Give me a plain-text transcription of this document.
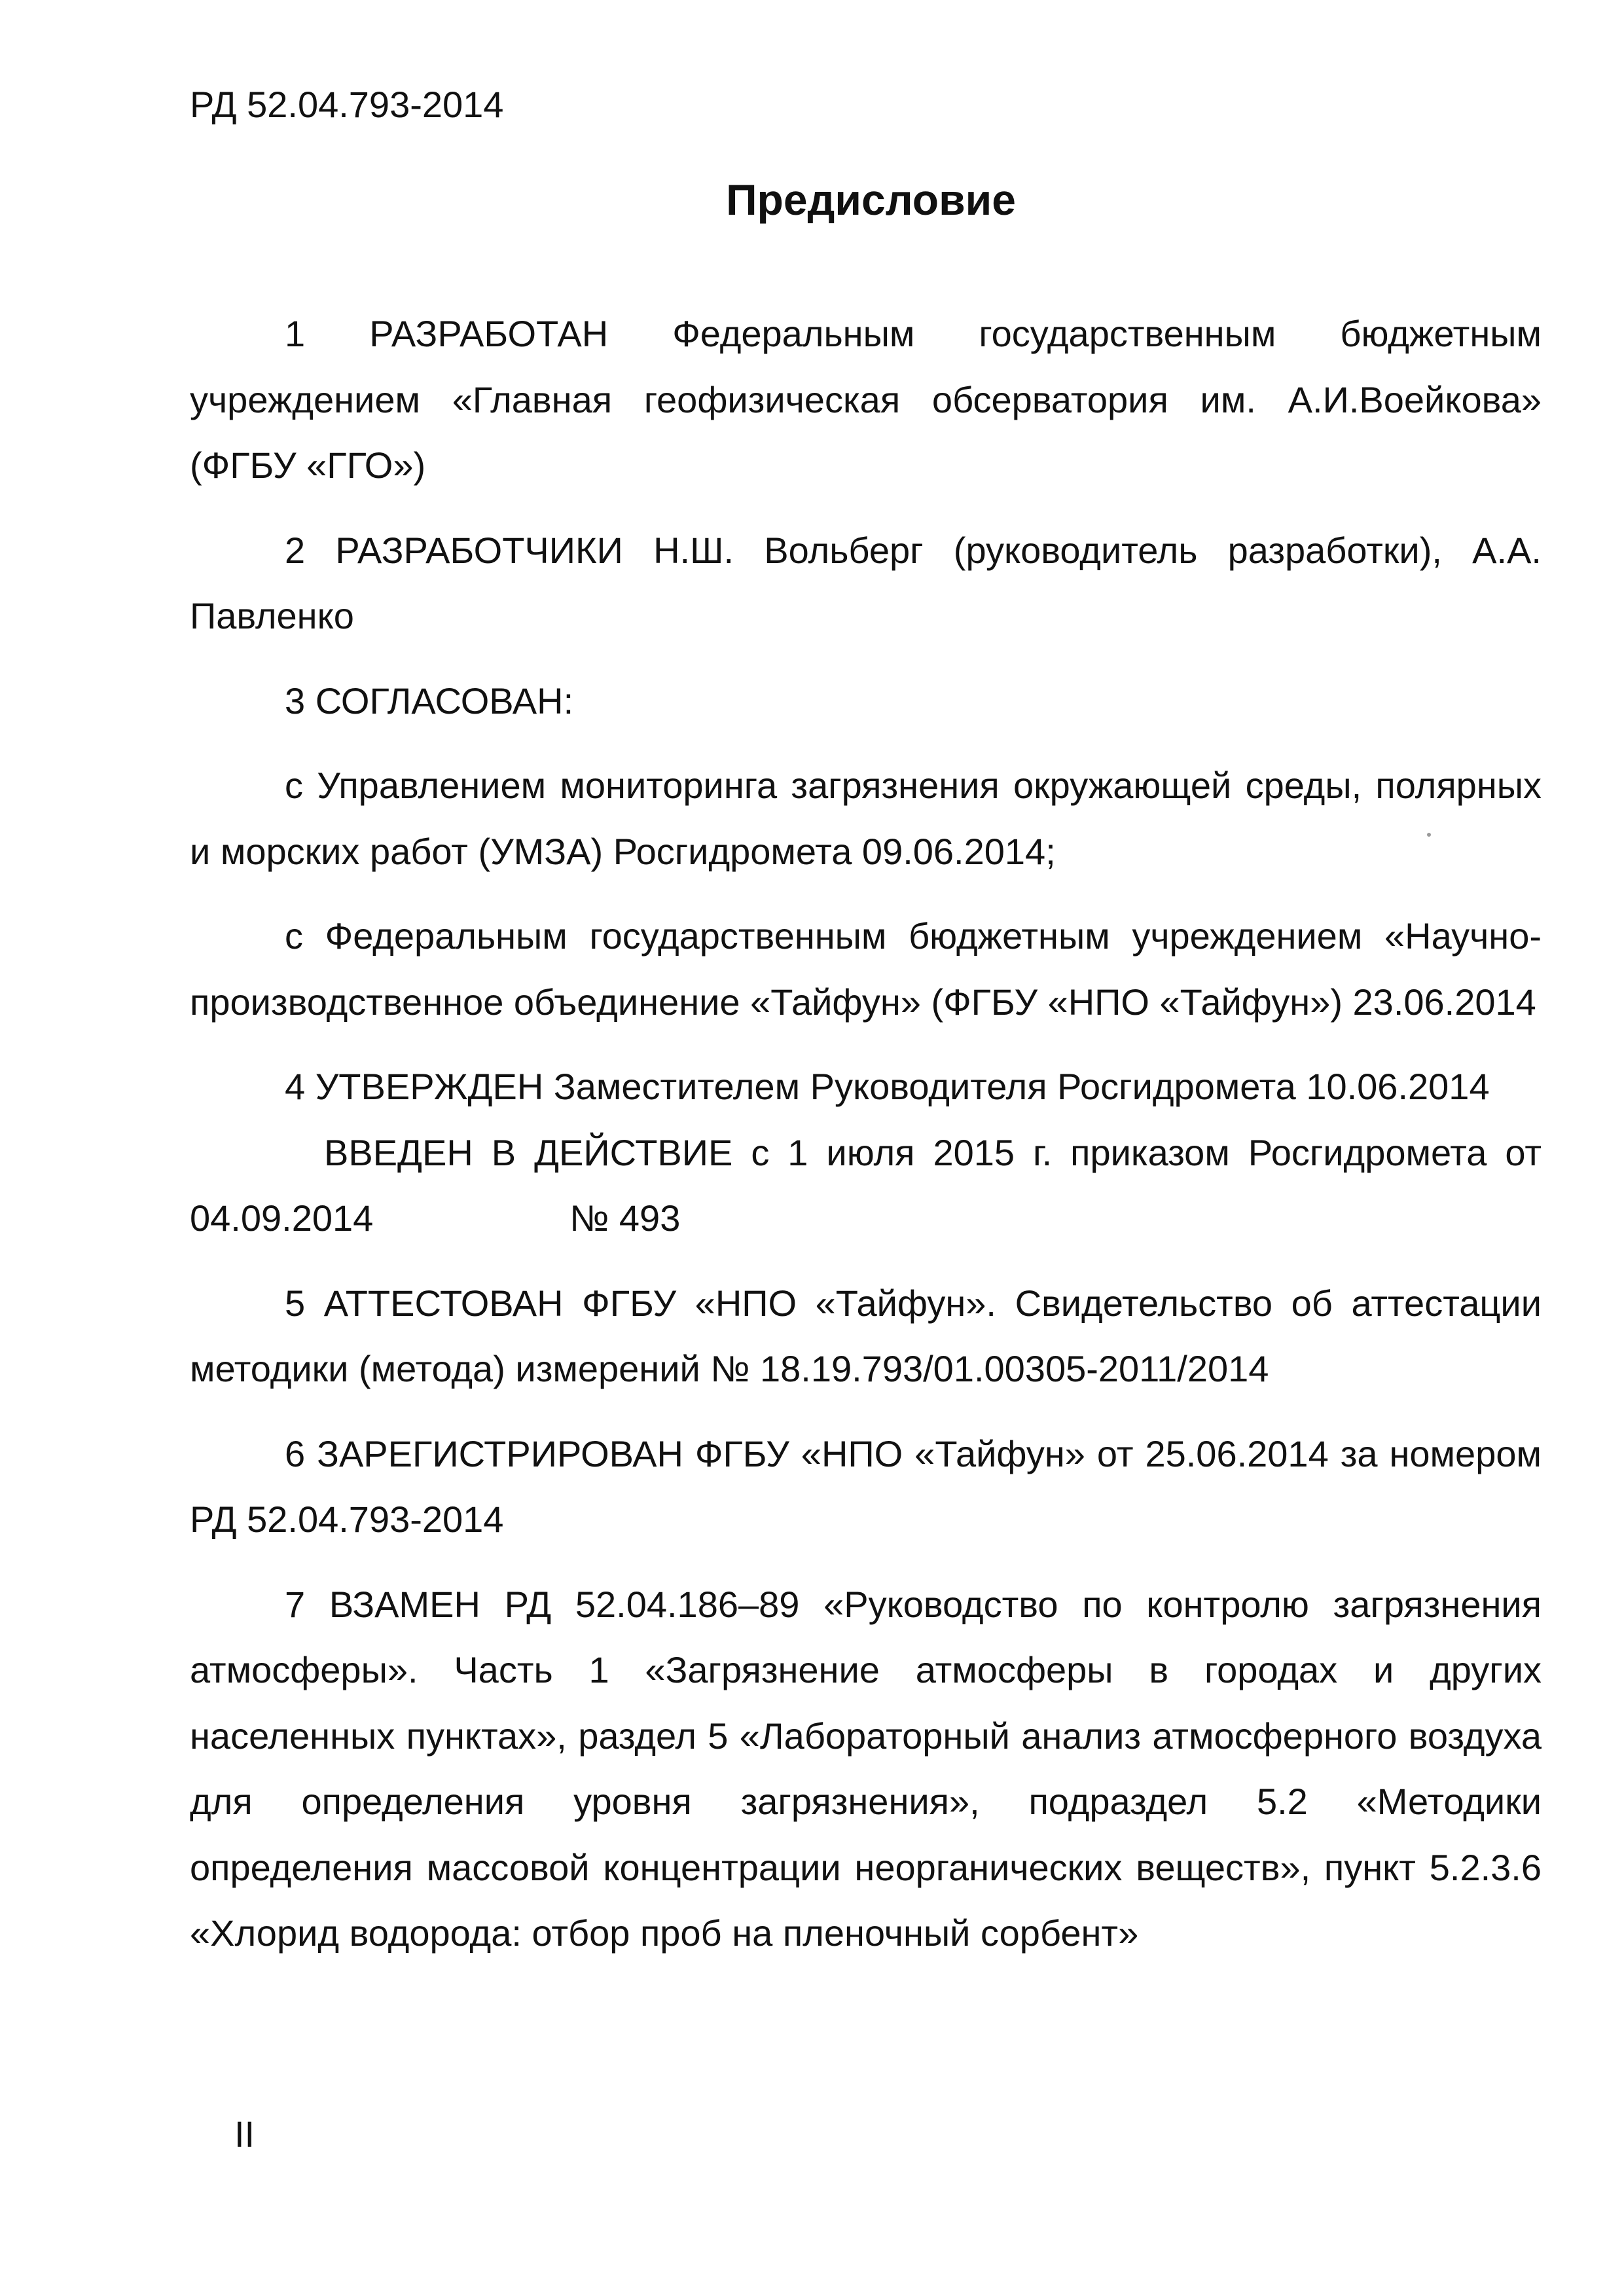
РД 52.04.793-2014
Предисловие

1 РАЗРАБОТАН Федеральным государственным бюджетным учреждением «Главная геофизическая обсерватория им. А.И.Воейкова» (ФГБУ «ГГО»)

2 РАЗРАБОТЧИКИ Н.Ш. Вольберг (руководитель разработки), А.А. Павленко

3 СОГЛАСОВАН:

с Управлением мониторинга загрязнения окружающей среды, полярных и морских работ (УМЗА) Росгидромета 09.06.2014;

с Федеральным государственным бюджетным учреждением «Научно-производственное объединение «Тайфун» (ФГБУ «НПО «Тайфун») 23.06.2014

4 УТВЕРЖДЕН Заместителем Руководителя Росгидромета 10.06.2014

ВВЕДЕН В ДЕЙСТВИЕ с 1 июля 2015 г. приказом Росгидромета от 04.09.2014	№ 493

5 АТТЕСТОВАН ФГБУ «НПО «Тайфун». Свидетельство об аттестации методики (метода) измерений № 18.19.793/01.00305-2011/2014

6 ЗАРЕГИСТРИРОВАН ФГБУ «НПО «Тайфун» от 25.06.2014 за номером РД 52.04.793-2014

7 ВЗАМЕН РД 52.04.186–89 «Руководство по контролю загрязнения атмосферы». Часть 1 «Загрязнение атмосферы в городах и других населенных пунктах», раздел 5 «Лабораторный анализ атмосферного воздуха для определения уровня загрязнения», подраздел 5.2 «Методики определения массовой концентрации неорганических веществ», пункт 5.2.3.6 «Хлорид водорода: отбор проб на пленочный сорбент»

II
